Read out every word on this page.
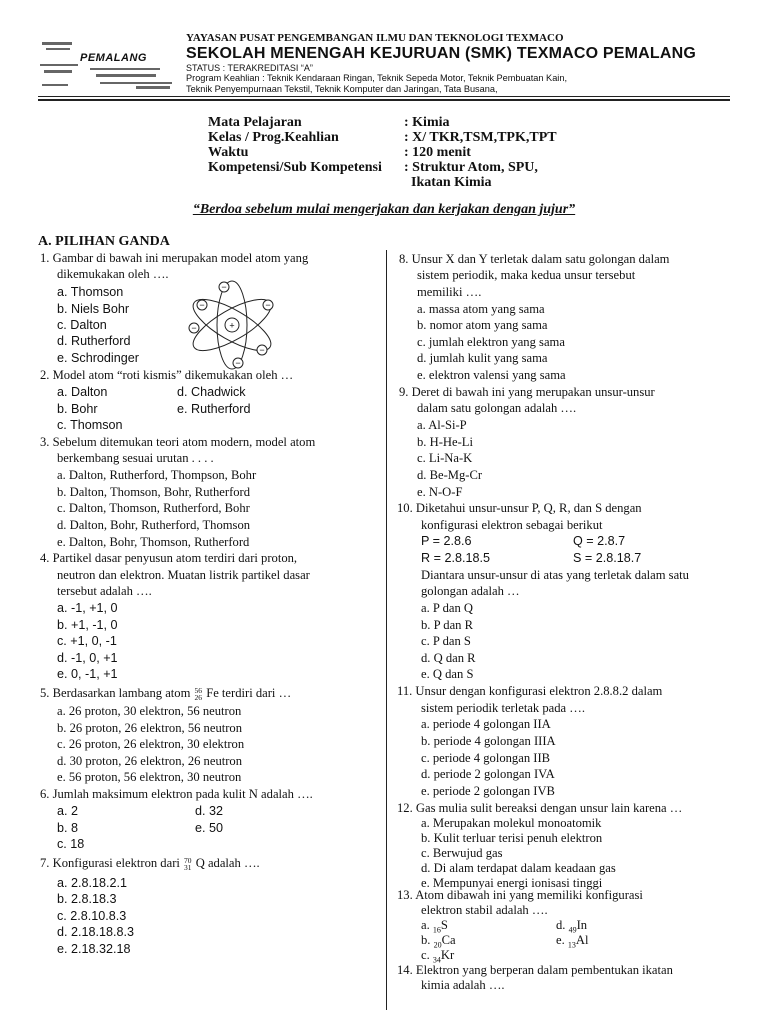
PEMALANG
YAYASAN PUSAT PENGEMBANGAN ILMU DAN TEKNOLOGI TEXMACO
SEKOLAH MENENGAH KEJURUAN (SMK) TEXMACO PEMALANG
STATUS : TERAKREDITASI “A”
Program Keahlian : Teknik Kendaraan Ringan, Teknik Sepeda Motor, Teknik Pembuatan Kain,
Teknik Penyempurnaan Tekstil, Teknik Komputer dan Jaringan, Tata Busana,
Mata Pelajaran	: Kimia
Kelas / Prog.Keahlian	: X/ TKR,TSM,TPK,TPT
Waktu	: 120 menit
Kompetensi/Sub Kompetensi : Struktur Atom, SPU,
Ikatan Kimia
“Berdoa sebelum mulai mengerjakan dan kerjakan dengan jujur”
A. PILIHAN GANDA
1. Gambar di bawah ini merupakan model atom yang
dikemukakan oleh ….
a. Thomson
b. Niels Bohr
c. Dalton
d. Rutherford
e. Schrodinger
+
−
−	−
−
−
−
2. Model atom “roti kismis” dikemukakan oleh …
a. Dalton	d. Chadwick
b. Bohr	e. Rutherford
c. Thomson
3. Sebelum ditemukan teori atom modern, model atom
berkembang sesuai urutan . . . .
a. Dalton, Rutherford, Thompson, Bohr
b. Dalton, Thomson, Bohr, Rutherford
c. Dalton, Thomson, Rutherford, Bohr
d. Dalton, Bohr, Rutherford, Thomson
e. Dalton, Bohr, Thomson, Rutherford
4. Partikel dasar penyusun atom terdiri dari proton,
neutron dan elektron. Muatan listrik partikel dasar
tersebut adalah ….
a. -1, +1, 0
b. +1, -1, 0
c. +1, 0, -1
d. -1, 0, +1
e. 0, -1, +1
5. Berdasarkan lambang atom 56
26 Fe terdiri dari …
a. 26 proton, 30 elektron, 56 neutron
b. 26 proton, 26 elektron, 56 neutron
c. 26 proton, 26 elektron, 30 elektron
d. 30 proton, 26 elektron, 26 neutron
e. 56 proton, 56 elektron, 30 neutron
6. Jumlah maksimum elektron pada kulit N adalah ….
a. 2	d. 32
b. 8	e. 50
c. 18
7. Konfigurasi elektron dari 70
31 Q adalah ….
a. 2.8.18.2.1
b. 2.8.18.3
c. 2.8.10.8.3
d. 2.18.18.8.3
e. 2.18.32.18
8. Unsur X dan Y terletak dalam satu golongan dalam
sistem periodik, maka kedua unsur tersebut
memiliki ….
a. massa atom yang sama
b. nomor atom yang sama
c. jumlah elektron yang sama
d. jumlah kulit yang sama
e. elektron valensi yang sama
9. Deret di bawah ini yang merupakan unsur-unsur
dalam satu golongan adalah ….
a. Al-Si-P
b. H-He-Li
c. Li-Na-K
d. Be-Mg-Cr
e. N-O-F
10. Diketahui unsur-unsur P, Q, R, dan S dengan
konfigurasi elektron sebagai berikut
P = 2.8.6	Q = 2.8.7
R = 2.8.18.5	S = 2.8.18.7
Diantara unsur-unsur di atas yang terletak dalam satu
golongan adalah …
a. P dan Q
b. P dan R
c. P dan S
d. Q dan R
e. Q dan S
11. Unsur dengan konfigurasi elektron 2.8.8.2 dalam
sistem periodik terletak pada ….
a. periode 4 golongan IIA
b. periode 4 golongan IIIA
c. periode 4 golongan IIB
d. periode 2 golongan IVA
e. periode 2 golongan IVB
12. Gas mulia sulit bereaksi dengan unsur lain karena …
a. Merupakan molekul monoatomik
b. Kulit terluar terisi penuh elektron
c. Berwujud gas
d. Di alam terdapat dalam keadaan gas
e. Mempunyai energi ionisasi tinggi
13. Atom dibawah ini yang memiliki konfigurasi
elektron stabil adalah ….
a. $_{16}$S	d. $_{49}$In
b. $_{20}$Ca	e. $_{13}$Al
c. $_{34}$Kr
14. Elektron yang berperan dalam pembentukan ikatan
kimia adalah ….
